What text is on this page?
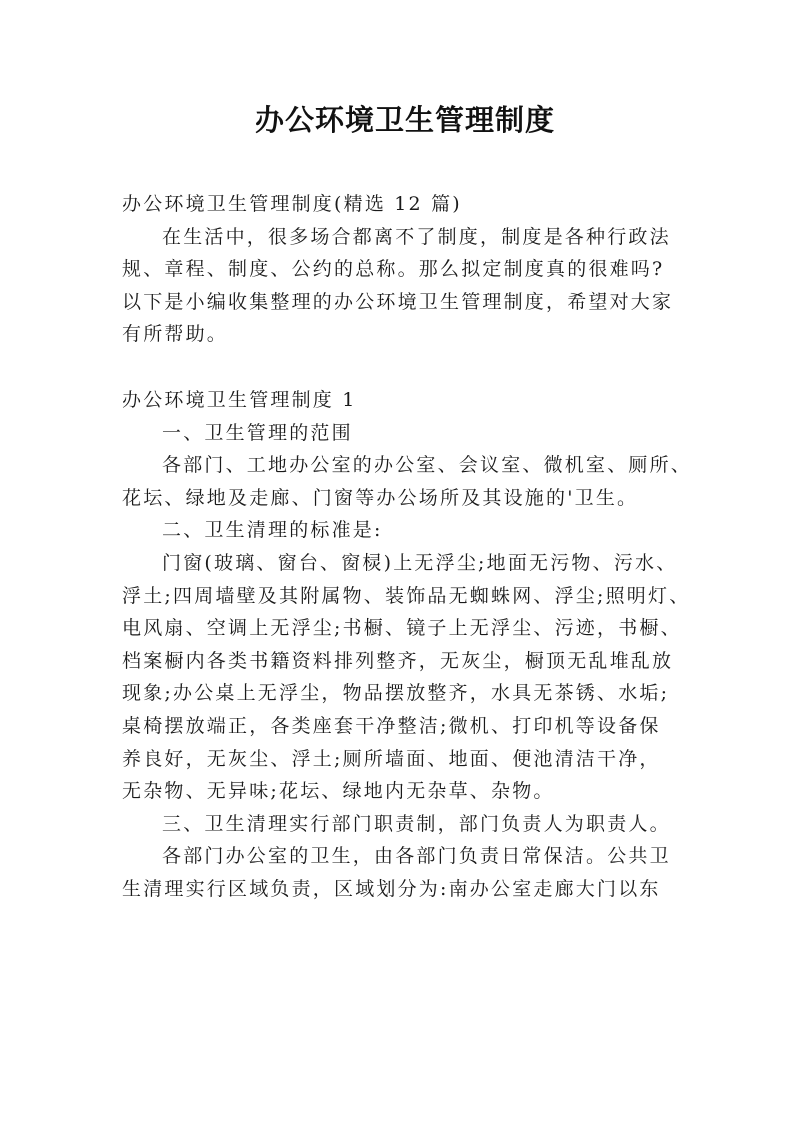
办公环境卫生管理制度

办公环境卫生管理制度(精选 12 篇)

在生活中，很多场合都离不了制度，制度是各种行政法

规、章程、制度、公约的总称。那么拟定制度真的很难吗?

以下是小编收集整理的办公环境卫生管理制度，希望对大家

有所帮助。

办公环境卫生管理制度 1

一、卫生管理的范围

各部门、工地办公室的办公室、会议室、微机室、厕所、

花坛、绿地及走廊、门窗等办公场所及其设施的'卫生。

二、卫生清理的标准是:

门窗(玻璃、窗台、窗棂)上无浮尘;地面无污物、污水、

浮土;四周墙壁及其附属物、装饰品无蜘蛛网、浮尘;照明灯、

电风扇、空调上无浮尘;书橱、镜子上无浮尘、污迹，书橱、

档案橱内各类书籍资料排列整齐，无灰尘，橱顶无乱堆乱放

现象;办公桌上无浮尘，物品摆放整齐，水具无茶锈、水垢;

桌椅摆放端正，各类座套干净整洁;微机、打印机等设备保

养良好，无灰尘、浮土;厕所墙面、地面、便池清洁干净，

无杂物、无异味;花坛、绿地内无杂草、杂物。

三、卫生清理实行部门职责制，部门负责人为职责人。

各部门办公室的卫生，由各部门负责日常保洁。公共卫

生清理实行区域负责，区域划分为:南办公室走廊大门以东
